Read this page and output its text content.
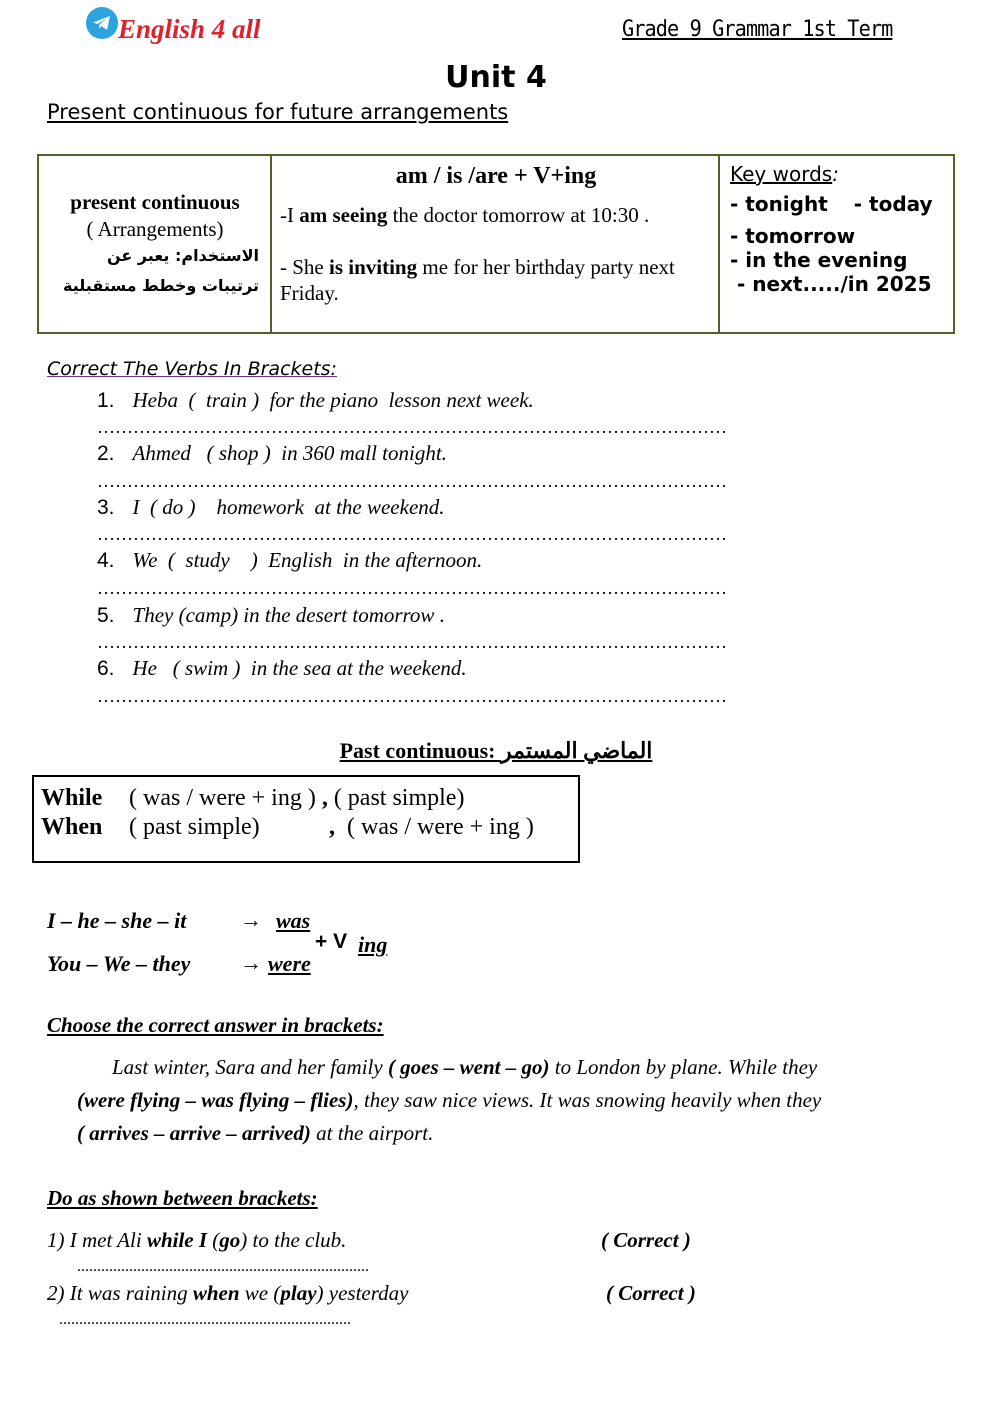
English 4 all	Grade 9 Grammar 1st Term
Unit 4
Present continuous for future arrangements
present continuous
( Arrangements)
الاستخدام: يعبر عن
ترتيبات وخطط مستقبلية
am / is /are + V+ing
-I am seeing the doctor tomorrow at 10:30 .
- She is inviting me for her birthday party next Friday.
Key words:
- tonight - today
- tomorrow
- in the evening
- next...../in 2025
Correct The Verbs In Brackets:
1. Heba  (  train )  for the piano  lesson next week.
……………………………………………………………………………………………
2. Ahmed   ( shop )  in 360 mall tonight.
……………………………………………………………………………………………
3. I  ( do )    homework  at the weekend.
……………………………………………………………………………………………
4. We  (  study    )  English  in the afternoon.
……………………………………………………………………………………………
5. They (camp) in the desert tomorrow .
……………………………………………………………………………………………
6. He   ( swim )  in the sea at the weekend.
……………………………………………………………………………………………
Past continuous: الماضي المستمر
While ( was / were + ing ) , ( past simple)
When ( past simple)	,  ( was / were + ing )
I – he – she – it → was
+ V ing
You – We – they → were
Choose the correct answer in brackets:
Last winter, Sara and her family ( goes – went – go) to London by plane. While they
(were flying – was flying – flies), they saw nice views. It was snowing heavily when they
( arrives – arrive – arrived) at the airport.
Do as shown between brackets:
1) I met Ali while I (go) to the club.	( Correct )
.........................................................................
2) It was raining when we (play) yesterday	( Correct )
.........................................................................
